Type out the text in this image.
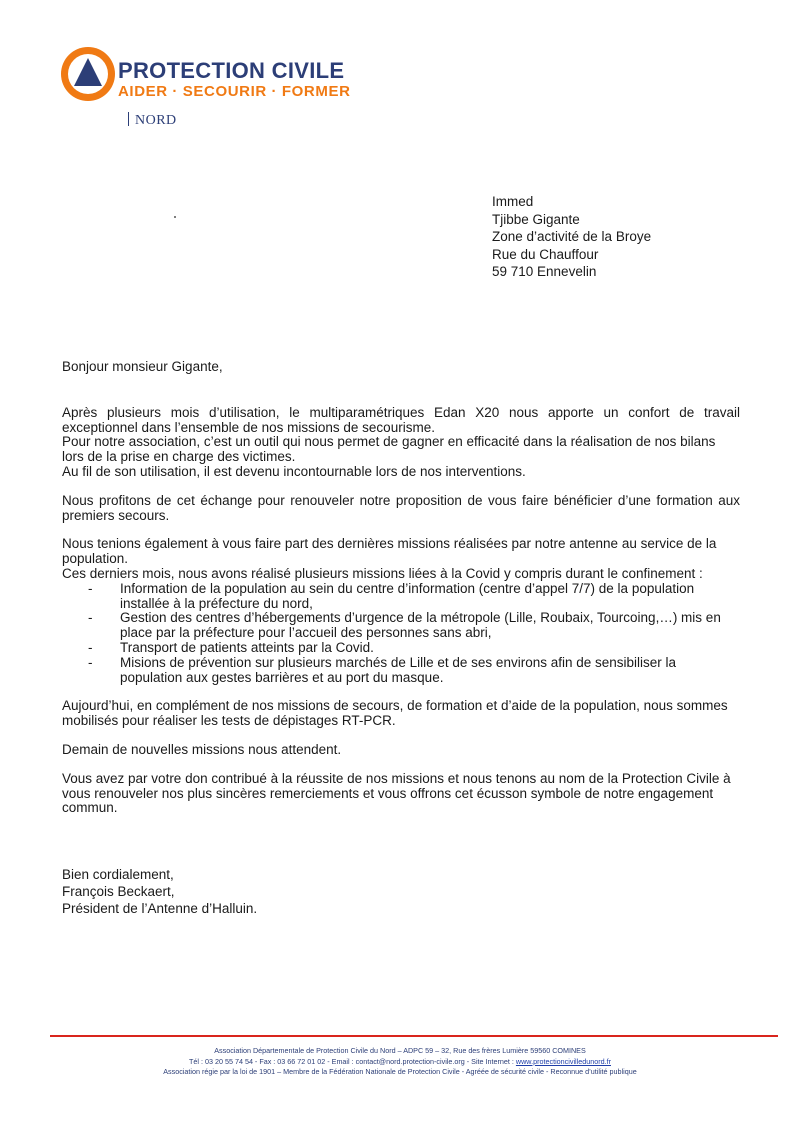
PROTECTION CIVILE
AIDER · SECOURIR · FORMER
NORD
Immed
Tjibbe Gigante
Zone d’activité de la Broye
Rue du Chauffour
59 710 Ennevelin

Bonjour monsieur Gigante,

Après plusieurs mois d’utilisation, le multiparamétriques Edan X20 nous apporte un confort de travail exceptionnel dans l’ensemble de nos missions de secourisme.

Pour notre association, c’est un outil qui nous permet de gagner en efficacité dans la réalisation de nos bilans lors de la prise en charge des victimes.

Au fil de son utilisation, il est devenu incontournable lors de nos interventions.

Nous profitons de cet échange pour renouveler notre proposition de vous faire bénéficier d’une formation aux premiers secours.

Nous tenions également à vous faire part des dernières missions réalisées par notre antenne au service de la population.

Ces derniers mois, nous avons réalisé plusieurs missions liées à la Covid y compris durant le confinement :

- Information de la population au sein du centre d’information (centre d’appel 7/7) de la population installée à la préfecture du nord,
- Gestion des centres d’hébergements d’urgence de la métropole (Lille, Roubaix, Tourcoing,…) mis en place par la préfecture pour l’accueil des personnes sans abri,
- Transport de patients atteints par la Covid.
- Misions de prévention sur plusieurs marchés de Lille et de ses environs afin de sensibiliser la population aux gestes barrières et au port du masque.

Aujourd’hui, en complément de nos missions de secours, de formation et d’aide de la population, nous sommes mobilisés pour réaliser les tests de dépistages RT-PCR.

Demain de nouvelles missions nous attendent.

Vous avez par votre don contribué à la réussite de nos missions et nous tenons au nom de la Protection Civile à vous renouveler nos plus sincères remerciements et vous offrons cet écusson symbole de notre engagement commun.

Bien cordialement,
François Beckaert,
Président de l’Antenne d’Halluin.
Association Départementale de Protection Civile du Nord – ADPC 59 – 32, Rue des frères Lumière 59560 COMINES
Tél : 03 20 55 74 54 - Fax : 03 66 72 01 02 - Email : contact@nord.protection-civile.org - Site Internet : www.protectioncivilledunord.fr
Association régie par la loi de 1901 – Membre de la Fédération Nationale de Protection Civile - Agréée de sécurité civile - Reconnue d’utilité publique
